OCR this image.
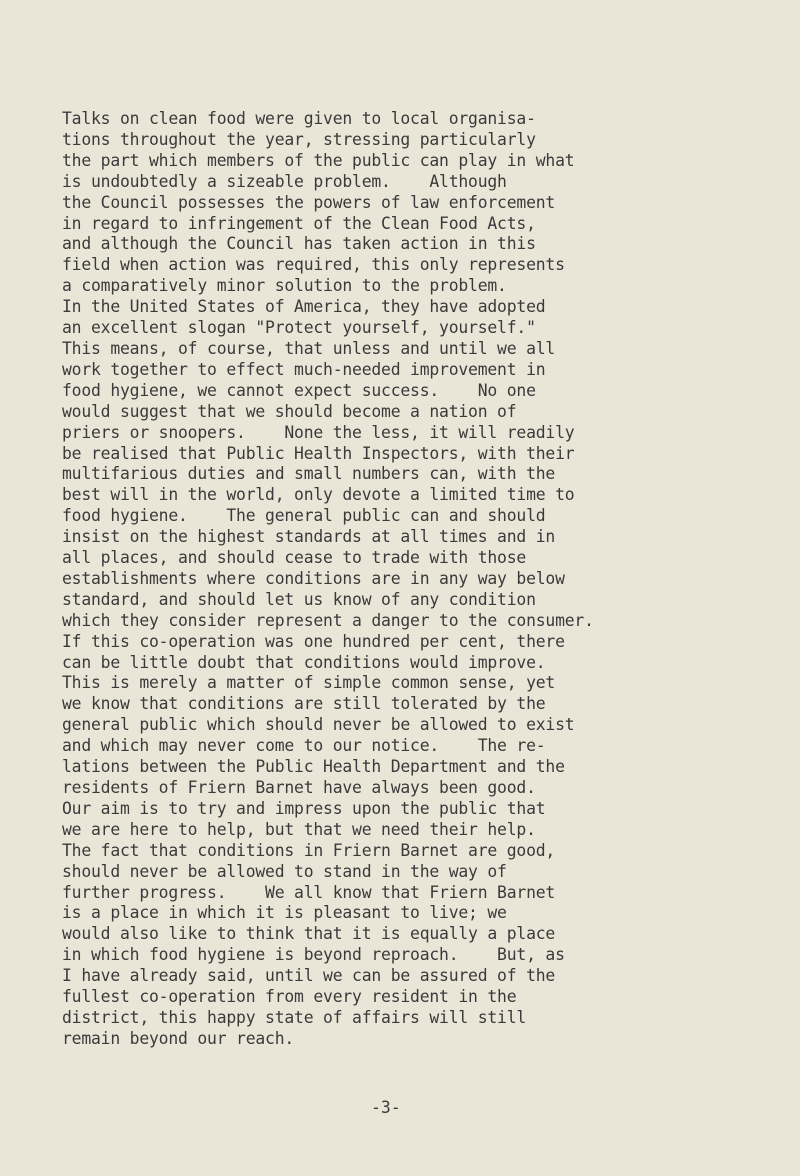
Talks on clean food were given to local organisa-
tions throughout the year, stressing particularly
the part which members of the public can play in what
is undoubtedly a sizeable problem.    Although
the Council possesses the powers of law enforcement
in regard to infringement of the Clean Food Acts,
and although the Council has taken action in this
field when action was required, this only represents
a comparatively minor solution to the problem.
In the United States of America, they have adopted
an excellent slogan "Protect yourself, yourself."
This means, of course, that unless and until we all
work together to effect much-needed improvement in
food hygiene, we cannot expect success.    No one
would suggest that we should become a nation of
priers or snoopers.    None the less, it will readily
be realised that Public Health Inspectors, with their
multifarious duties and small numbers can, with the
best will in the world, only devote a limited time to
food hygiene.    The general public can and should
insist on the highest standards at all times and in
all places, and should cease to trade with those
establishments where conditions are in any way below
standard, and should let us know of any condition
which they consider represent a danger to the consumer.
If this co-operation was one hundred per cent, there
can be little doubt that conditions would improve.
This is merely a matter of simple common sense, yet
we know that conditions are still tolerated by the
general public which should never be allowed to exist
and which may never come to our notice.    The re-
lations between the Public Health Department and the
residents of Friern Barnet have always been good.
Our aim is to try and impress upon the public that
we are here to help, but that we need their help.
The fact that conditions in Friern Barnet are good,
should never be allowed to stand in the way of
further progress.    We all know that Friern Barnet
is a place in which it is pleasant to live; we
would also like to think that it is equally a place
in which food hygiene is beyond reproach.    But, as
I have already said, until we can be assured of the
fullest co-operation from every resident in the
district, this happy state of affairs will still
remain beyond our reach.
-3-
